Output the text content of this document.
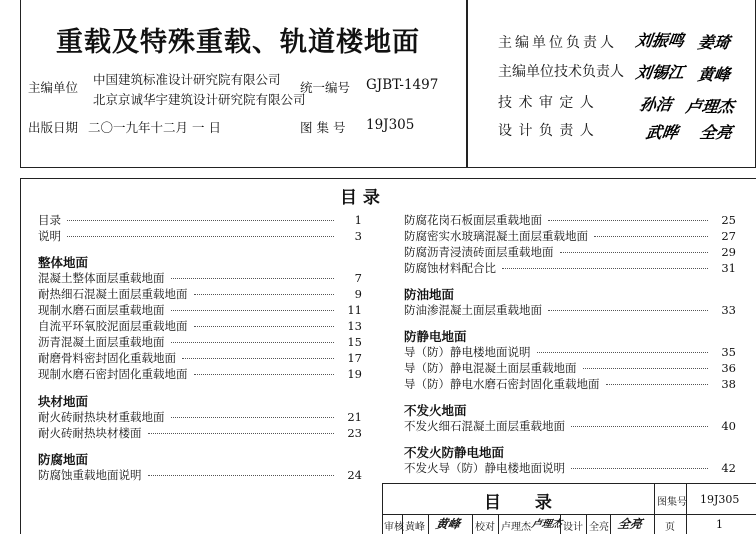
重载及特殊重载、轨道楼地面
主编单位
中国建筑标准设计研究院有限公司
北京京诚华宇建筑设计研究院有限公司
统一编号 GJBT-1497
出版日期 二〇一九年十二月 一 日	图 集 号 19J305
主编单位负责人 刘振鸣 姜琦
主编单位技术负责人 刘锡江 黄峰
技 术 审 定 人	孙洁 卢理杰
设 计 负 责 人	武晔 全亮
目 录
目录	1
说明	3
整体地面
混凝土整体面层重载地面	7
耐热细石混凝土面层重载地面	9
现制水磨石面层重载地面	11
自流平环氧胶泥面层重载地面	13
沥青混凝土面层重载地面	15
耐磨骨料密封固化重载地面	17
现制水磨石密封固化重载地面	19
块材地面
耐火砖耐热块材重载地面	21
耐火砖耐热块材楼面	23
防腐地面
防腐蚀重载地面说明	24
防腐花岗石板面层重载地面	25
防腐密实水玻璃混凝土面层重载地面	27
防腐沥青浸渍砖面层重载地面	29
防腐蚀材料配合比	31
防油地面
防油渗混凝土面层重载地面	33
防静电地面
导（防）静电楼地面说明	35
导（防）静电混凝土面层重载地面	36
导（防）静电水磨石密封固化重载地面	38
不发火地面
不发火细石混凝土面层重载地面	40
不发火防静电地面
不发火导（防）静电楼地面说明	42
目 录	图集号 19J305
审核 黄峰 黄峰 校对 卢理杰 卢理杰 设计 全亮 全亮 页	1
